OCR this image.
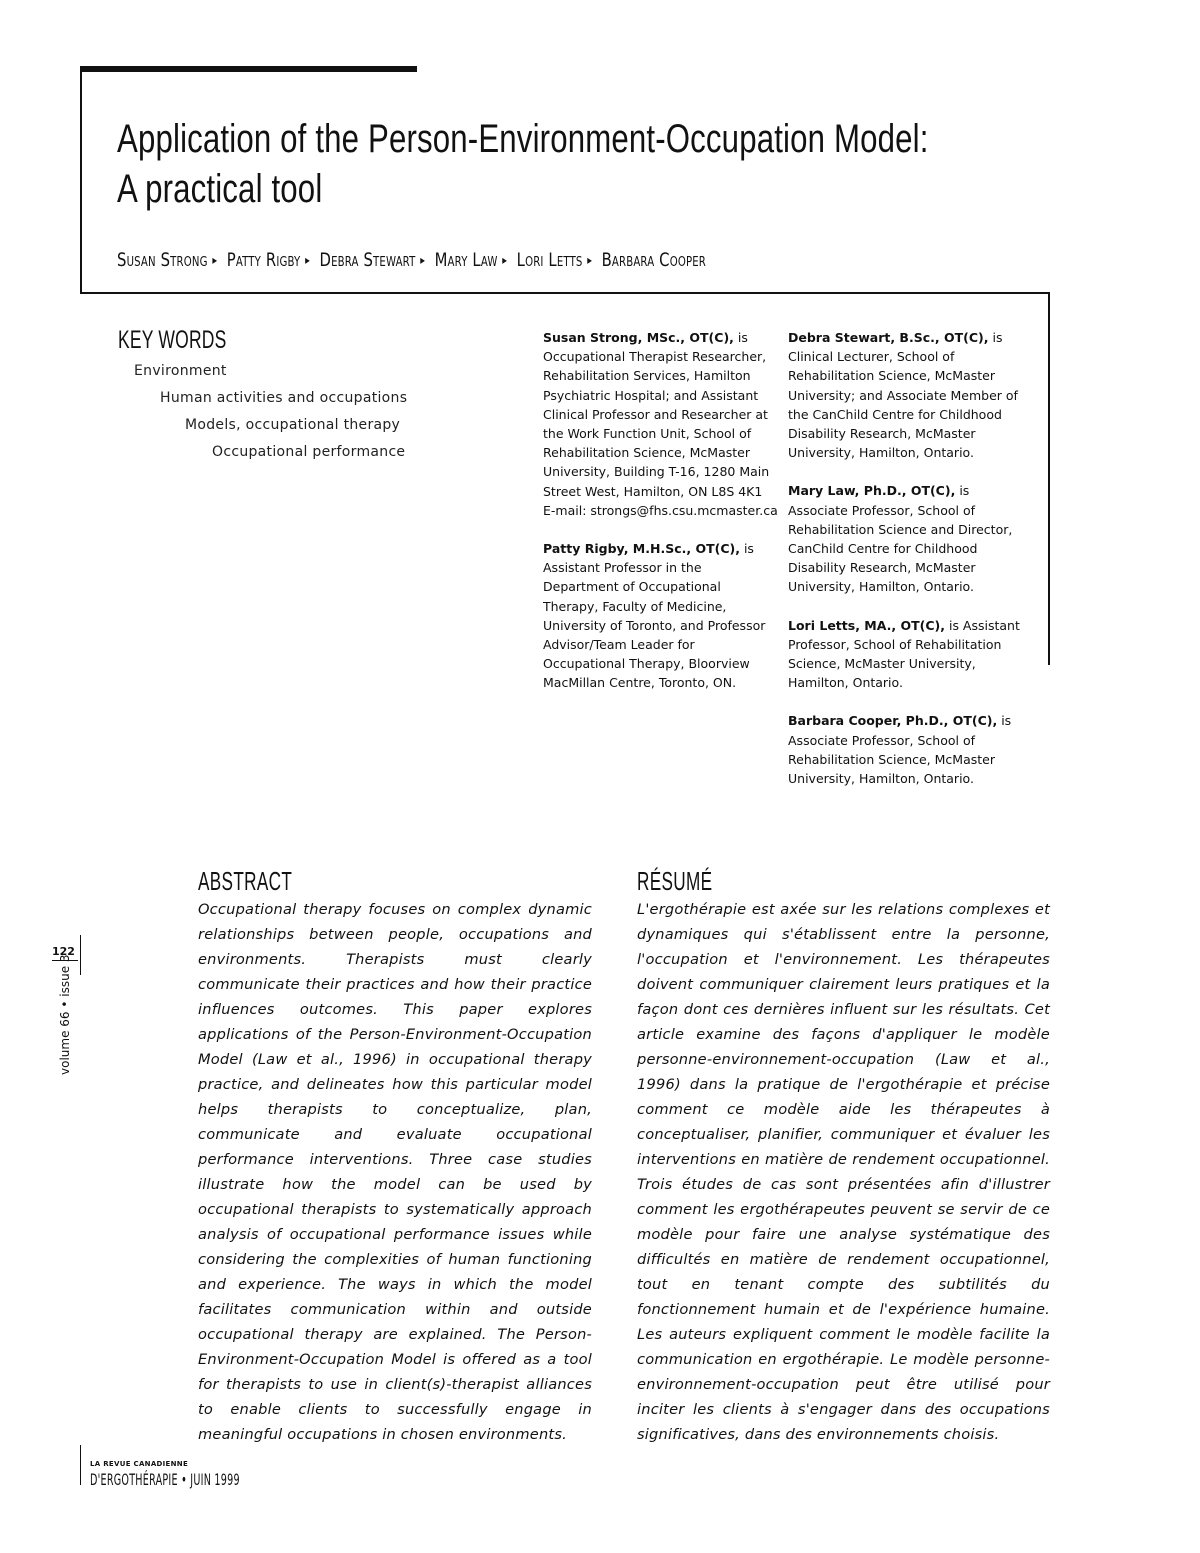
Application of the Person-Environment-Occupation Model:
A practical tool
Susan Strong ▸ Patty Rigby ▸ Debra Stewart ▸ Mary Law ▸ Lori Letts ▸ Barbara Cooper
KEY WORDS
Environment
Human activities and occupations
Models, occupational therapy
Occupational performance

Susan Strong, MSc., OT(C), is Occupational Therapist Researcher, Rehabilitation Services, Hamilton Psychiatric Hospital; and Assistant Clinical Professor and Researcher at the Work Function Unit, School of Rehabilitation Science, McMaster University, Building T-16, 1280 Main Street West, Hamilton, ON L8S 4K1 E-mail: strongs@fhs.csu.mcmaster.ca

Patty Rigby, M.H.Sc., OT(C), is Assistant Professor in the Department of Occupational Therapy, Faculty of Medicine, University of Toronto, and Professor Advisor/Team Leader for Occupational Therapy, Bloorview MacMillan Centre, Toronto, ON.

Debra Stewart, B.Sc., OT(C), is Clinical Lecturer, School of Rehabilitation Science, McMaster University; and Associate Member of the CanChild Centre for Childhood Disability Research, McMaster University, Hamilton, Ontario.

Mary Law, Ph.D., OT(C), is Associate Professor, School of Rehabilitation Science and Director, CanChild Centre for Childhood Disability Research, McMaster University, Hamilton, Ontario.

Lori Letts, MA., OT(C), is Assistant Professor, School of Rehabilitation Science, McMaster University, Hamilton, Ontario.

Barbara Cooper, Ph.D., OT(C), is Associate Professor, School of Rehabilitation Science, McMaster University, Hamilton, Ontario.

ABSTRACT
Occupational therapy focuses on complex dynamic relationships between people, occupations and environments. Therapists must clearly communicate their practices and how their practice influences outcomes. This paper explores applications of the Person-Environment-Occupation Model (Law et al., 1996) in occupational therapy practice, and delineates how this particular model helps therapists to conceptualize, plan, communicate and evaluate occupational performance interventions. Three case studies illustrate how the model can be used by occupational therapists to systematically approach analysis of occupational performance issues while considering the complexities of human functioning and experience. The ways in which the model facilitates communication within and outside occupational therapy are explained. The Person-Environment-Occupation Model is offered as a tool for therapists to use in client(s)-therapist alliances to enable clients to successfully engage in meaningful occupations in chosen environments.
RÉSUMÉ
L'ergothérapie est axée sur les relations complexes et dynamiques qui s'établissent entre la personne, l'occupation et l'environnement. Les thérapeutes doivent communiquer clairement leurs pratiques et la façon dont ces dernières influent sur les résultats. Cet article examine des façons d'appliquer le modèle personne-environnement-occupation (Law et al., 1996) dans la pratique de l'ergothérapie et précise comment ce modèle aide les thérapeutes à conceptualiser, planifier, communiquer et évaluer les interventions en matière de rendement occupationnel. Trois études de cas sont présentées afin d'illustrer comment les ergothérapeutes peuvent se servir de ce modèle pour faire une analyse systématique des difficultés en matière de rendement occupationnel, tout en tenant compte des subtilités du fonctionnement humain et de l'expérience humaine. Les auteurs expliquent comment le modèle facilite la communication en ergothérapie. Le modèle personne-environnement-occupation peut être utilisé pour inciter les clients à s'engager dans des occupations significatives, dans des environnements choisis.
122
volume 66 • issue 3
LA REVUE CANADIENNE
D'ERGOTHÉRAPIE • JUIN 1999
